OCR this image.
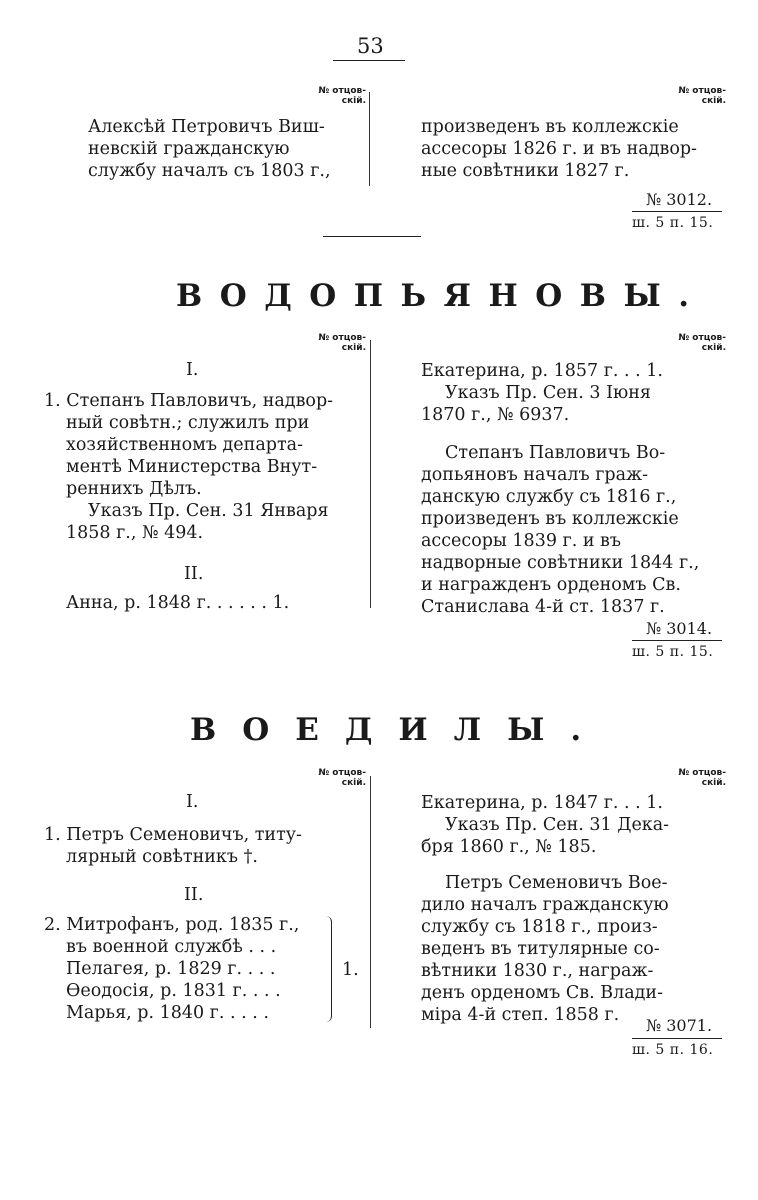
53
№ отцов-
скій.
№ отцов-
скій.
Алексѣй Петровичъ Виш-
невскій гражданскую
службу началъ съ 1803 г.,
произведенъ въ коллежскіе
ассесоры 1826 г. и въ надвор-
ные совѣтники 1827 г.
№ 3012.
ш. 5 п. 15.
ВОДОПЬЯНОВЫ.
№ отцов-
скій.
№ отцов-
скій.
I.
1. Степанъ Павловичъ, надвор-
ный совѣтн.; служилъ при
хозяйственномъ департа-
ментѣ Министерства Внут-
реннихъ Дѣлъ.
Указъ Пр. Сен. 31 Января
1858 г., № 494.
II.
Анна, р. 1848 г. . . . . . 1.
Екатерина, р. 1857 г. . . 1.
Указъ Пр. Сен. 3 Іюня
1870 г., № 6937.
Степанъ Павловичъ Во-
допьяновъ началъ граж-
данскую службу съ 1816 г.,
произведенъ въ коллежскіе
ассесоры 1839 г. и въ
надворные совѣтники 1844 г.,
и награжденъ орденомъ Св.
Станислава 4-й ст. 1837 г.
№ 3014.
ш. 5 п. 15.
ВОЕДИЛЫ.
№ отцов-
скій.
№ отцов-
скій.
I.
1. Петръ Семеновичъ, титу-
лярный совѣтникъ †.
II.
2. Митрофанъ, род. 1835 г.,
въ военной службѣ . . .
Пелагея, р. 1829 г. . . .
Өеодосія, р. 1831 г. . . .
Марья, р. 1840 г. . . . .
1.
Екатерина, р. 1847 г. . . 1.
Указъ Пр. Сен. 31 Дека-
бря 1860 г., № 185.
Петръ Семеновичъ Вое-
дило началъ гражданскую
службу съ 1818 г., произ-
веденъ въ титулярные со-
вѣтники 1830 г., награж-
денъ орденомъ Св. Влади-
міра 4-й степ. 1858 г.
№ 3071.
ш. 5 п. 16.
